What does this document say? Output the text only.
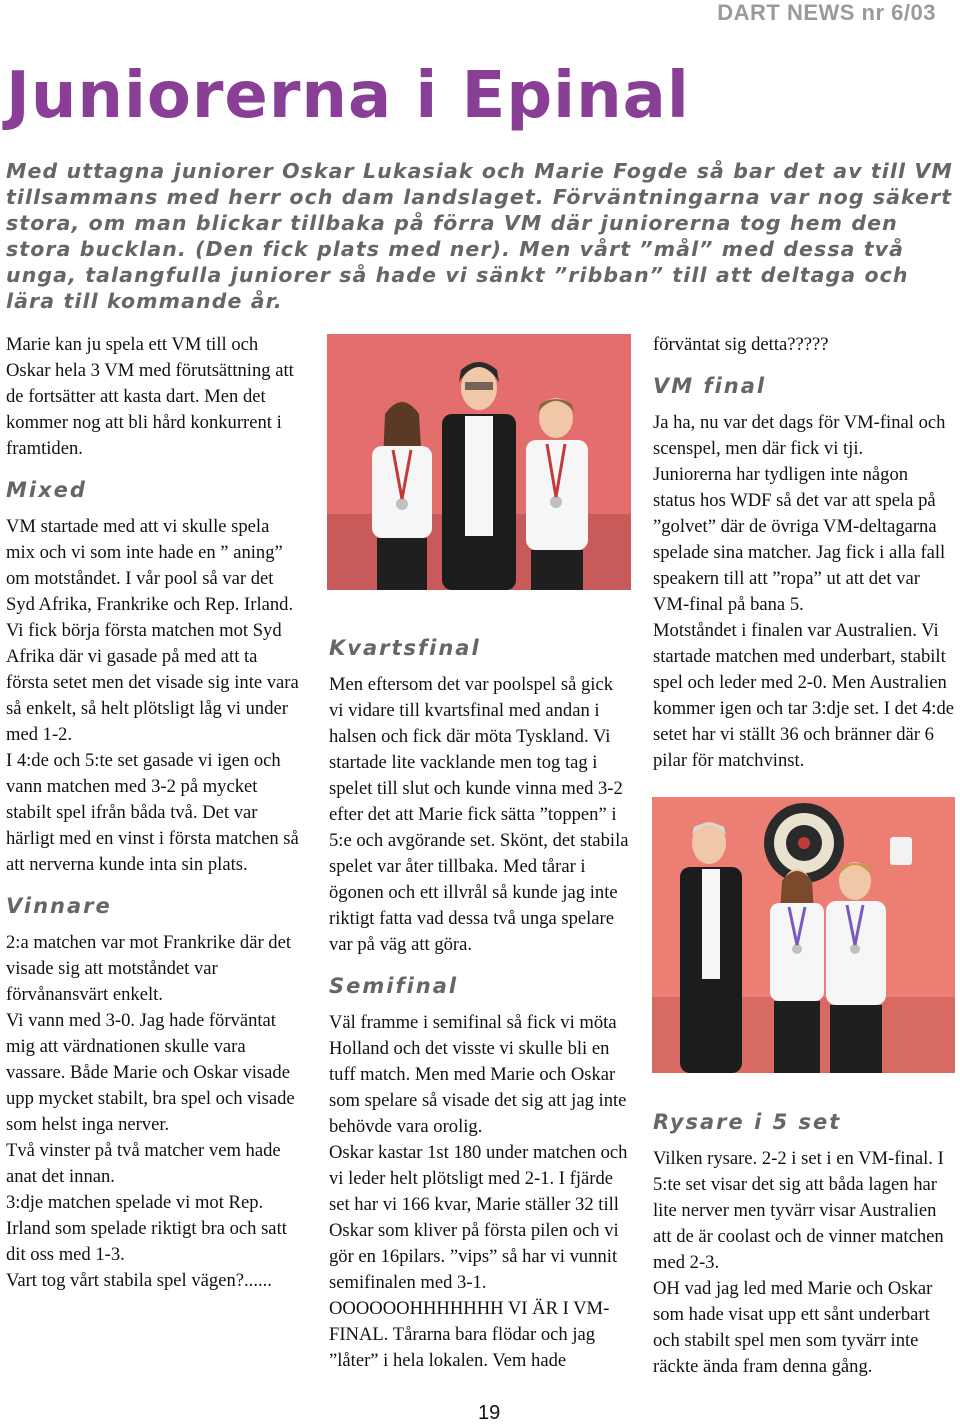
DART NEWS nr 6/03
Juniorerna i Epinal

Med uttagna juniorer Oskar Lukasiak och Marie Fogde så bar det av till VM tillsammans med herr och dam landslaget. Förväntningarna var nog säkert stora, om man blickar tillbaka på förra VM där juniorerna tog hem den stora bucklan. (Den fick plats med ner). Men vårt ”mål” med dessa två unga, talangfulla juniorer så hade vi sänkt ”ribban” till att deltaga och lära till kommande år.

Marie kan ju spela ett VM till och Oskar hela 3 VM med förutsättning att de fortsätter att kasta dart. Men det kommer nog att bli hård konkurrent i framtiden.

Mixed

VM startade med att vi skulle spela mix och vi som inte hade en ” aning” om motståndet. I vår pool så var det Syd Afrika, Frankrike och Rep. Irland.

Vi fick börja första matchen mot Syd Afrika där vi gasade på med att ta första setet men det visade sig inte vara så enkelt, så helt plötsligt låg vi under med 1-2.

I 4:de och 5:te set gasade vi igen och vann matchen med 3-2 på mycket stabilt spel ifrån båda två. Det var härligt med en vinst i första matchen så att nerverna kunde inta sin plats.

Vinnare

2:a matchen var mot Frankrike där det visade sig att motståndet var förvånansvärt enkelt.

Vi vann med 3-0. Jag hade förväntat mig att värdnationen skulle vara vassare. Både Marie och Oskar visade upp mycket stabilt, bra spel och visade som helst inga nerver.

Två vinster på två matcher vem hade anat det innan.

3:dje matchen spelade vi mot Rep. Irland som spelade riktigt bra och satt dit oss med 1-3.

Vart tog vårt stabila spel vägen?......

Kvartsfinal

Men eftersom det var poolspel så gick vi vidare till kvartsfinal med andan i halsen och fick där möta Tyskland. Vi startade lite vacklande men tog tag i spelet till slut och kunde vinna med 3-2 efter det att Marie fick sätta ”toppen” i 5:e och avgörande set. Skönt, det stabila spelet var åter tillbaka. Med tårar i ögonen och ett illvrål så kunde jag inte riktigt fatta vad dessa två unga spelare var på väg att göra.

Semifinal

Väl framme i semifinal så fick vi möta Holland och det visste vi skulle bli en tuff match. Men med Marie och Oskar som spelare så visade det sig att jag inte behövde vara orolig.

Oskar kastar 1st 180 under matchen och vi leder helt plötsligt med 2-1. I fjärde set har vi 166 kvar, Marie ställer 32 till Oskar som kliver på första pilen och vi gör en 16pilars. ”vips” så har vi vunnit semifinalen med 3-1. OOOOOOHHHHHHH VI ÄR I VM-FINAL. Tårarna bara flödar och jag ”låter” i hela lokalen. Vem hade

förväntat sig detta?????

VM final

Ja ha, nu var det dags för VM-final och scenspel, men där fick vi tji.

Juniorerna har tydligen inte någon status hos WDF så det var att spela på ”golvet” där de övriga VM-deltagarna spelade sina matcher. Jag fick i alla fall speakern till att ”ropa” ut att det var VM-final på bana 5.

Motståndet i finalen var Australien. Vi startade matchen med underbart, stabilt spel och leder med 2-0. Men Australien kommer igen och tar 3:dje set. I det 4:de setet har vi ställt 36 och bränner där 6 pilar för matchvinst.

Rysare i 5 set

Vilken rysare. 2-2 i set i en VM-final. I 5:te set visar det sig att båda lagen har lite nerver men tyvärr visar Australien att de är coolast och de vinner matchen med 2-3.

OH vad jag led med Marie och Oskar som hade visat upp ett sånt underbart och stabilt spel men som tyvärr inte räckte ända fram denna gång.

19
